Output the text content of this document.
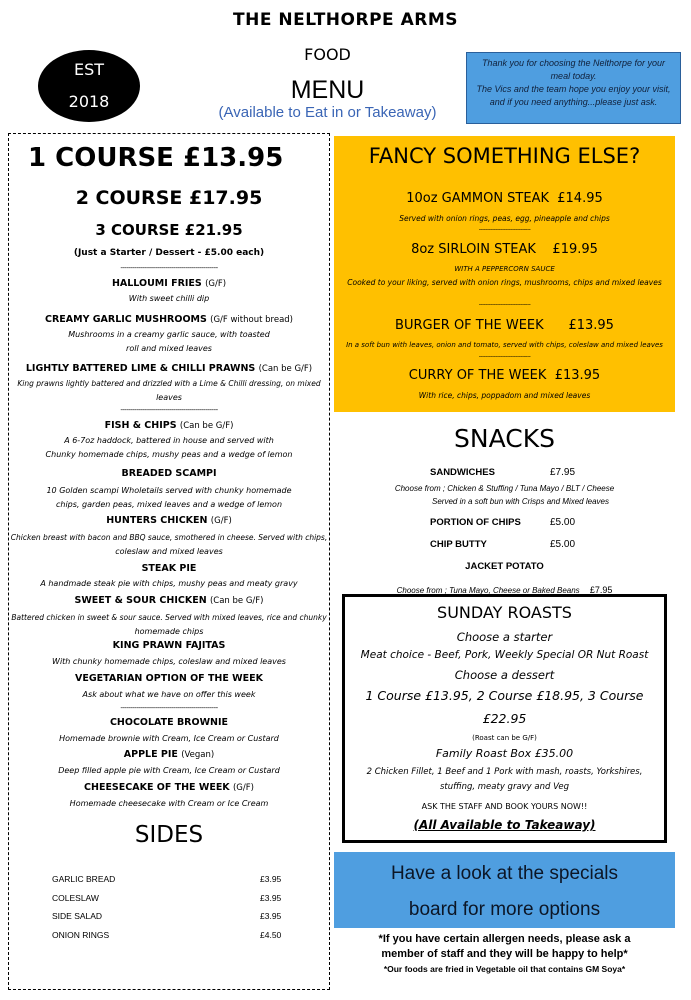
THE NELTHORPE ARMS
EST
2018
FOOD
MENU
(Available to Eat in or Takeaway)
Thank you for choosing the Nelthorpe for your
meal today.
The Vics and the team hope you enjoy your visit,
and if you need anything...please just ask.
1 COURSE £13.95
2 COURSE £17.95
3 COURSE £21.95
(Just a Starter / Dessert - £5.00 each)
------------------------------------------------
HALLOUMI FRIES (G/F)
With sweet chilli dip
CREAMY GARLIC MUSHROOMS (G/F without bread)
Mushrooms in a creamy garlic sauce, with toasted
roll and mixed leaves
LIGHTLY BATTERED LIME & CHILLI PRAWNS (Can be G/F)
King prawns lightly battered and drizzled with a Lime & Chilli dressing, on mixed
leaves
------------------------------------------------
FISH & CHIPS (Can be G/F)
A 6-7oz haddock, battered in house and served with
Chunky homemade chips, mushy peas and a wedge of lemon
BREADED SCAMPI
10 Golden scampi Wholetails served with chunky homemade
chips, garden peas, mixed leaves and a wedge of lemon
HUNTERS CHICKEN (G/F)
Chicken breast with bacon and BBQ sauce, smothered in cheese. Served with chips,
coleslaw and mixed leaves
STEAK PIE
A handmade steak pie with chips, mushy peas and meaty gravy
SWEET & SOUR CHICKEN (Can be G/F)
Battered chicken in sweet & sour sauce. Served with mixed leaves, rice and chunky
homemade chips
KING PRAWN FAJITAS
With chunky homemade chips, coleslaw and mixed leaves
VEGETARIAN OPTION OF THE WEEK
Ask about what we have on offer this week
------------------------------------------------
CHOCOLATE BROWNIE
Homemade brownie with Cream, Ice Cream or Custard
APPLE PIE (Vegan)
Deep filled apple pie with Cream, Ice Cream or Custard
CHEESECAKE OF THE WEEK (G/F)
Homemade cheesecake with Cream or Ice Cream
SIDES
GARLIC BREAD	£3.95
COLESLAW	£3.95
SIDE SALAD	£3.95
ONION RINGS	£4.50
FANCY SOMETHING ELSE?
10oz GAMMON STEAK £14.95
Served with onion rings, peas, egg, pineapple and chips
-------------------------------
8oz SIRLOIN STEAK £19.95
WITH A PEPPERCORN SAUCE
Cooked to your liking, served with onion rings, mushrooms, chips and mixed leaves
-------------------------------
BURGER OF THE WEEK £13.95
In a soft bun with leaves, onion and tomato, served with chips, coleslaw and mixed leaves
-------------------------------
CURRY OF THE WEEK £13.95
With rice, chips, poppadom and mixed leaves
SNACKS
SANDWICHES	£7.95
Choose from ; Chicken & Stuffing / Tuna Mayo / BLT / Cheese
Served in a soft bun with Crisps and Mixed leaves
PORTION OF CHIPS	£5.00
CHIP BUTTY	£5.00
JACKET POTATO
Choose from ; Tuna Mayo, Cheese or Baked Beans £7.95
SUNDAY ROASTS
Choose a starter
Meat choice - Beef, Pork, Weekly Special OR Nut Roast
Choose a dessert
1 Course £13.95, 2 Course £18.95, 3 Course
£22.95
(Roast can be G/F)
Family Roast Box £35.00
2 Chicken Fillet, 1 Beef and 1 Pork with mash, roasts, Yorkshires,
stuffing, meaty gravy and Veg
ASK THE STAFF AND BOOK YOURS NOW!!
(All Available to Takeaway)
Have a look at the specials
board for more options
*If you have certain allergen needs, please ask a
member of staff and they will be happy to help*
*Our foods are fried in Vegetable oil that contains GM Soya*
